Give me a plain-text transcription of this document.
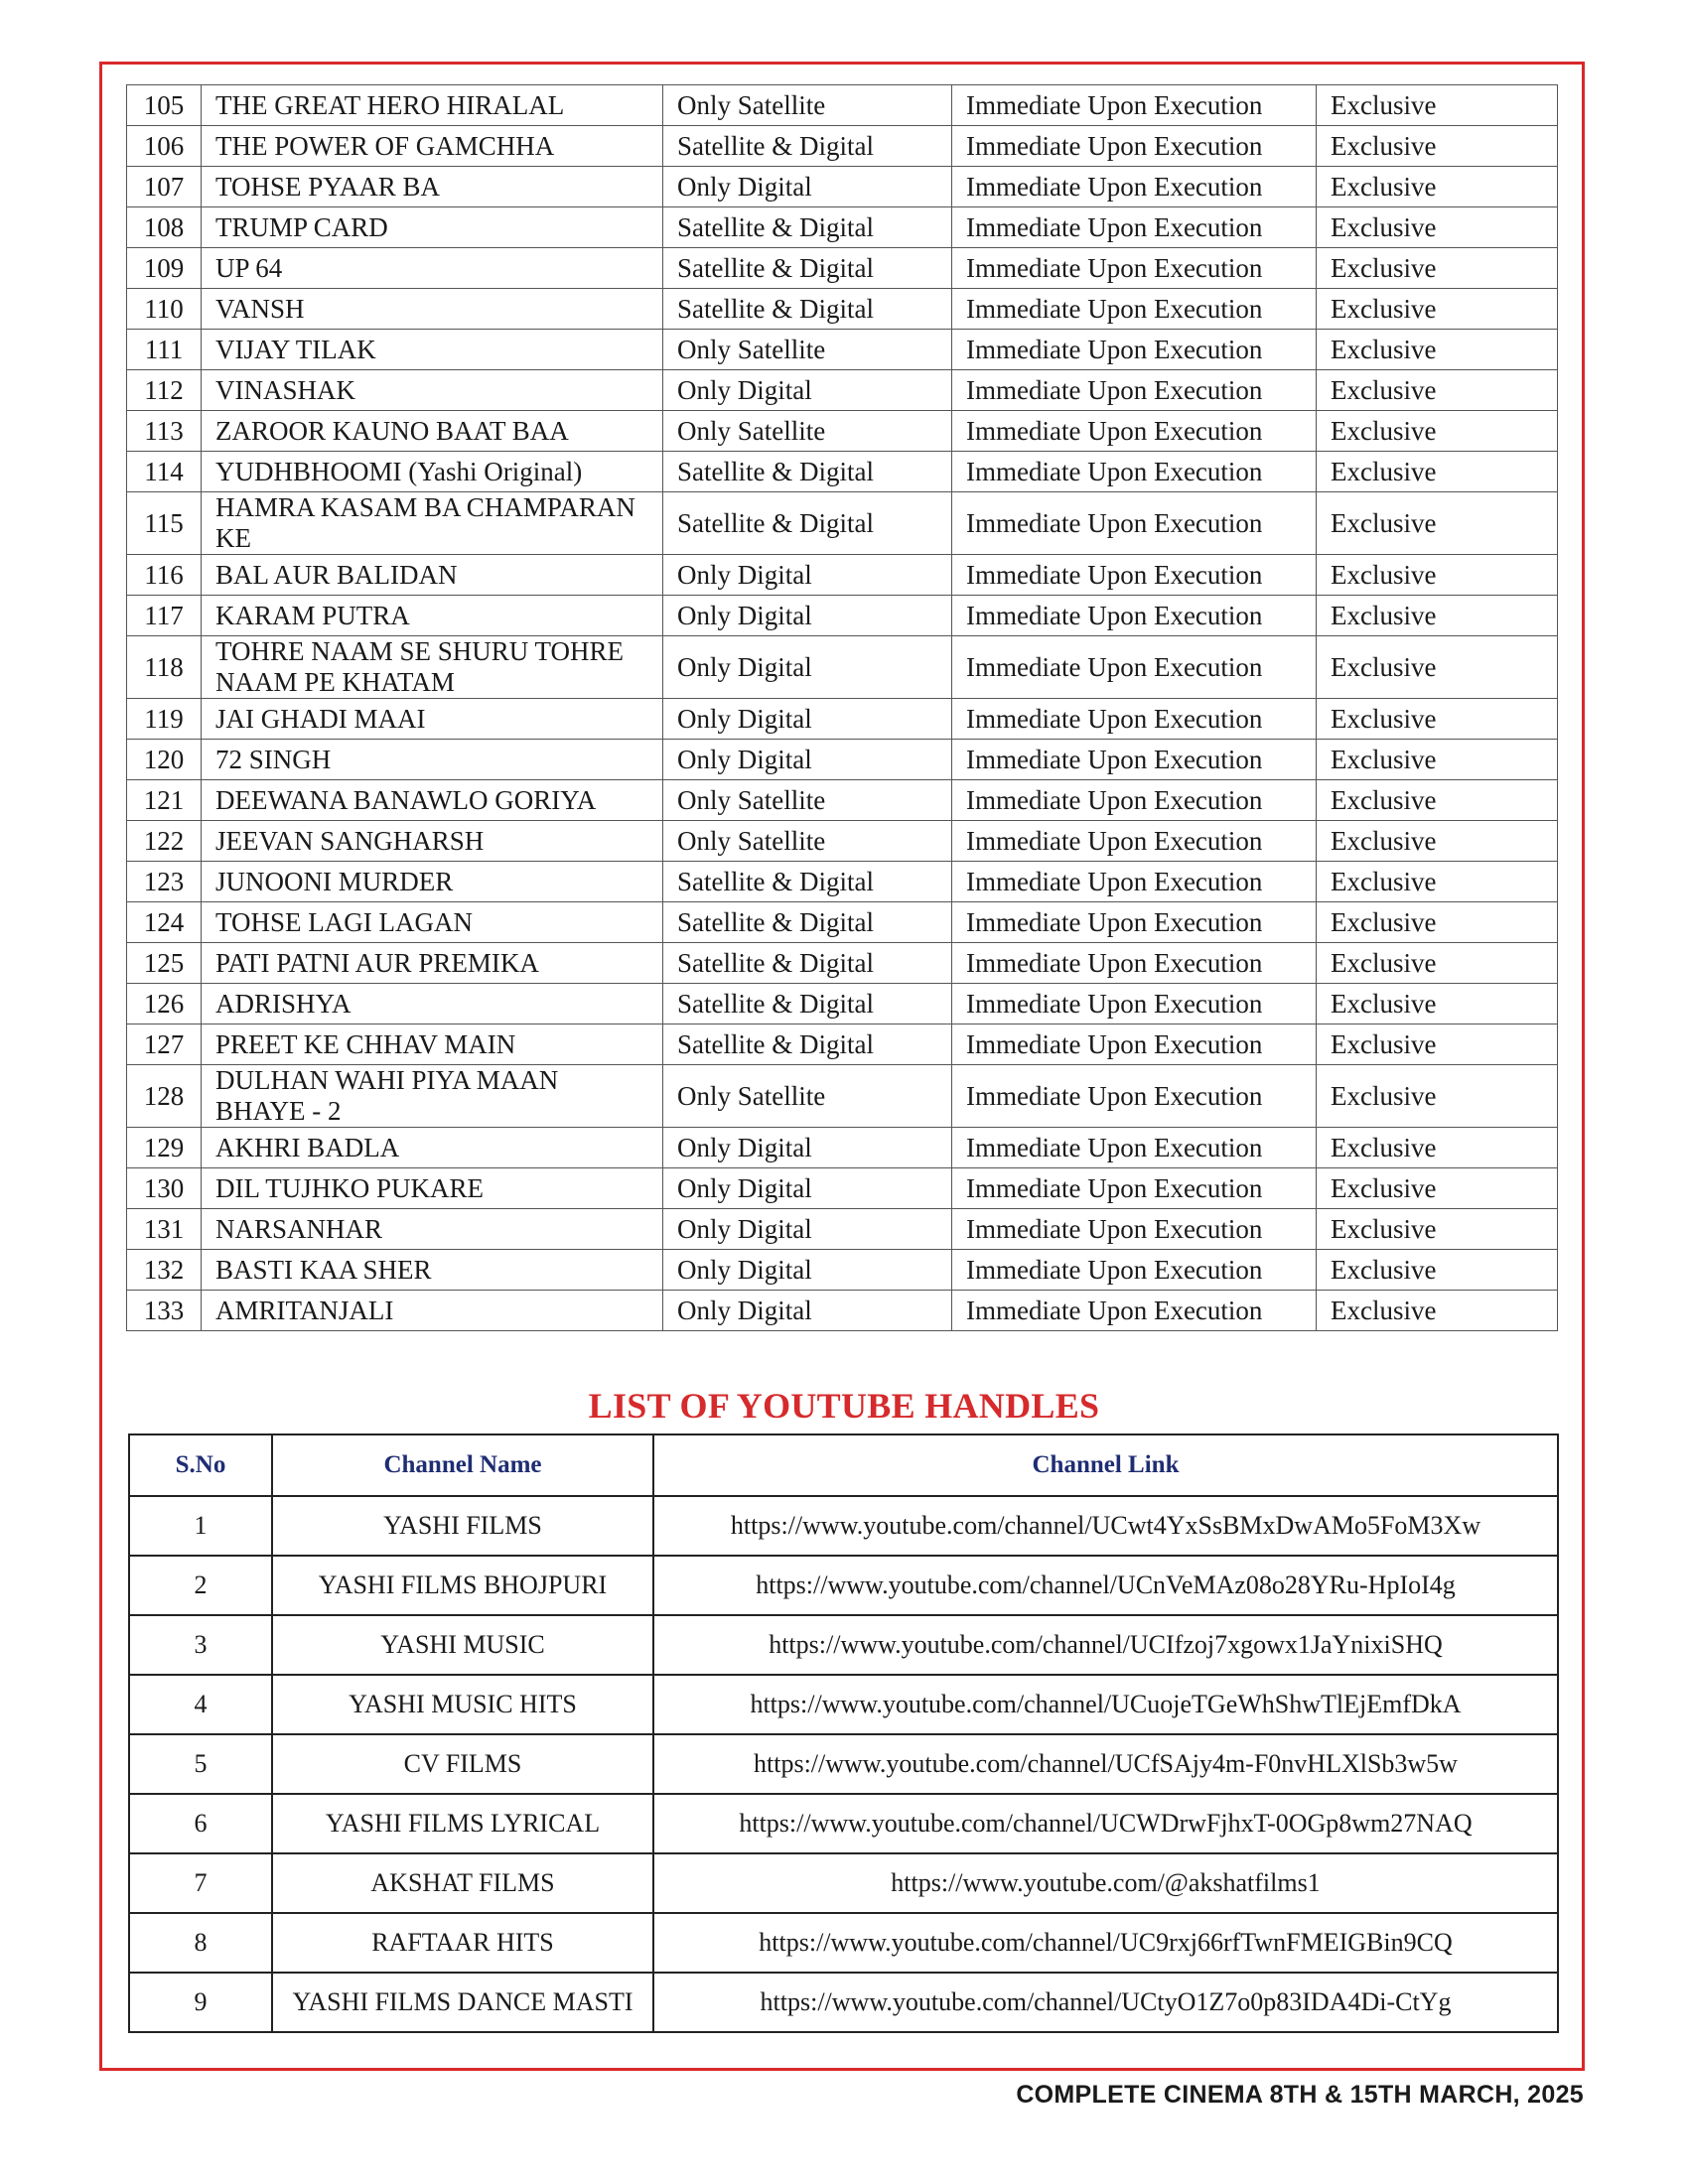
105	THE GREAT HERO HIRALAL	Only Satellite	Immediate Upon Execution	Exclusive
106	THE POWER OF GAMCHHA	Satellite & Digital	Immediate Upon Execution	Exclusive
107	TOHSE PYAAR BA	Only Digital	Immediate Upon Execution	Exclusive
108	TRUMP CARD	Satellite & Digital	Immediate Upon Execution	Exclusive
109	UP 64	Satellite & Digital	Immediate Upon Execution	Exclusive
110	VANSH	Satellite & Digital	Immediate Upon Execution	Exclusive
111	VIJAY TILAK	Only Satellite	Immediate Upon Execution	Exclusive
112	VINASHAK	Only Digital	Immediate Upon Execution	Exclusive
113	ZAROOR KAUNO BAAT BAA	Only Satellite	Immediate Upon Execution	Exclusive
114	YUDHBHOOMI (Yashi Original)	Satellite & Digital	Immediate Upon Execution	Exclusive
115	HAMRA KASAM BA CHAMPARAN KE	Satellite & Digital	Immediate Upon Execution	Exclusive
116	BAL AUR BALIDAN	Only Digital	Immediate Upon Execution	Exclusive
117	KARAM PUTRA	Only Digital	Immediate Upon Execution	Exclusive
118	TOHRE NAAM SE SHURU TOHRE NAAM PE KHATAM	Only Digital	Immediate Upon Execution	Exclusive
119	JAI GHADI MAAI	Only Digital	Immediate Upon Execution	Exclusive
120	72 SINGH	Only Digital	Immediate Upon Execution	Exclusive
121	DEEWANA BANAWLO GORIYA	Only Satellite	Immediate Upon Execution	Exclusive
122	JEEVAN SANGHARSH	Only Satellite	Immediate Upon Execution	Exclusive
123	JUNOONI MURDER	Satellite & Digital	Immediate Upon Execution	Exclusive
124	TOHSE LAGI LAGAN	Satellite & Digital	Immediate Upon Execution	Exclusive
125	PATI PATNI AUR PREMIKA	Satellite & Digital	Immediate Upon Execution	Exclusive
126	ADRISHYA	Satellite & Digital	Immediate Upon Execution	Exclusive
127	PREET KE CHHAV MAIN	Satellite & Digital	Immediate Upon Execution	Exclusive
128	DULHAN WAHI PIYA MAAN BHAYE - 2	Only Satellite	Immediate Upon Execution	Exclusive
129	AKHRI BADLA	Only Digital	Immediate Upon Execution	Exclusive
130	DIL TUJHKO PUKARE	Only Digital	Immediate Upon Execution	Exclusive
131	NARSANHAR	Only Digital	Immediate Upon Execution	Exclusive
132	BASTI KAA SHER	Only Digital	Immediate Upon Execution	Exclusive
133	AMRITANJALI	Only Digital	Immediate Upon Execution	Exclusive
LIST OF YOUTUBE HANDLES
S.No	Channel Name	Channel Link
1	YASHI FILMS	https://www.youtube.com/channel/UCwt4YxSsBMxDwAMo5FoM3Xw
2	YASHI FILMS BHOJPURI	https://www.youtube.com/channel/UCnVeMAz08o28YRu-HpIoI4g
3	YASHI MUSIC	https://www.youtube.com/channel/UCIfzoj7xgowx1JaYnixiSHQ
4	YASHI MUSIC HITS	https://www.youtube.com/channel/UCuojeTGeWhShwTlEjEmfDkA
5	CV FILMS	https://www.youtube.com/channel/UCfSAjy4m-F0nvHLXlSb3w5w
6	YASHI FILMS LYRICAL	https://www.youtube.com/channel/UCWDrwFjhxT-0OGp8wm27NAQ
7	AKSHAT FILMS	https://www.youtube.com/@akshatfilms1
8	RAFTAAR HITS	https://www.youtube.com/channel/UC9rxj66rfTwnFMEIGBin9CQ
9	YASHI FILMS DANCE MASTI	https://www.youtube.com/channel/UCtyO1Z7o0p83IDA4Di-CtYg
COMPLETE CINEMA 8TH & 15TH MARCH, 2025
